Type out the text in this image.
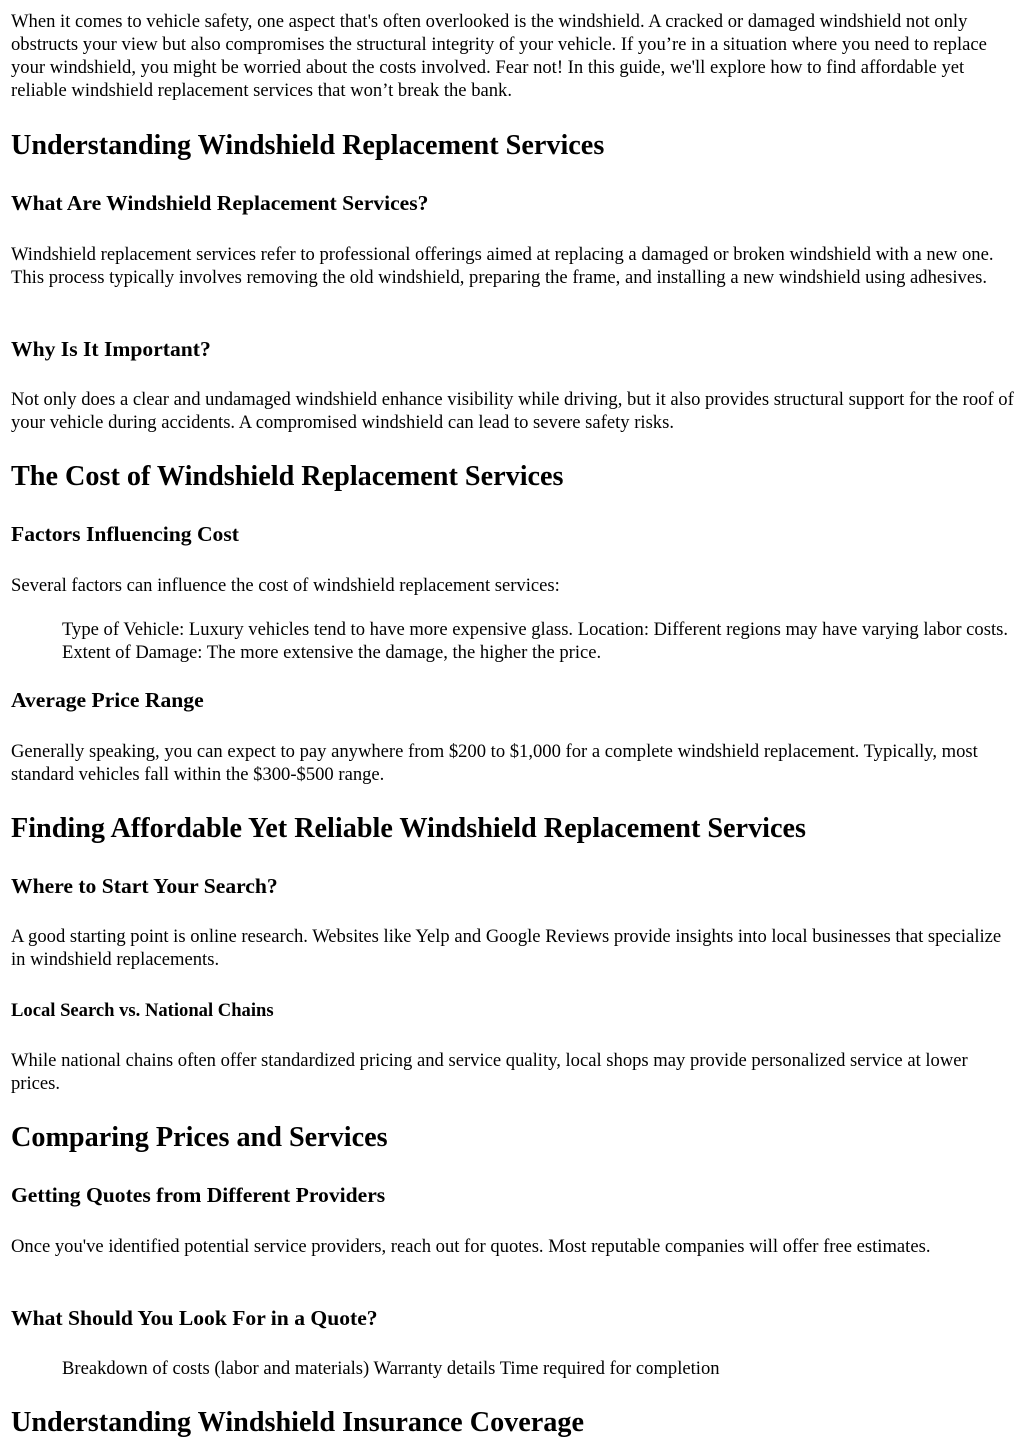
When it comes to vehicle safety, one aspect that's often overlooked is the windshield. A cracked or damaged windshield not only obstructs your view but also compromises the structural integrity of your vehicle. If you’re in a situation where you need to replace your windshield, you might be worried about the costs involved. Fear not! In this guide, we'll explore how to find affordable yet reliable windshield replacement services that won’t break the bank.

Understanding Windshield Replacement Services
What Are Windshield Replacement Services?

Windshield replacement services refer to professional offerings aimed at replacing a damaged or broken windshield with a new one. This process typically involves removing the old windshield, preparing the frame, and installing a new windshield using adhesives.

Why Is It Important?

Not only does a clear and undamaged windshield enhance visibility while driving, but it also provides structural support for the roof of your vehicle during accidents. A compromised windshield can lead to severe safety risks.

The Cost of Windshield Replacement Services
Factors Influencing Cost

Several factors can influence the cost of windshield replacement services:

Type of Vehicle: Luxury vehicles tend to have more expensive glass. Location: Different regions may have varying labor costs. Extent of Damage: The more extensive the damage, the higher the price.

Average Price Range

Generally speaking, you can expect to pay anywhere from $200 to $1,000 for a complete windshield replacement. Typically, most standard vehicles fall within the $300-$500 range.

Finding Affordable Yet Reliable Windshield Replacement Services
Where to Start Your Search?

A good starting point is online research. Websites like Yelp and Google Reviews provide insights into local businesses that specialize in windshield replacements.

Local Search vs. National Chains

While national chains often offer standardized pricing and service quality, local shops may provide personalized service at lower prices.

Comparing Prices and Services
Getting Quotes from Different Providers

Once you've identified potential service providers, reach out for quotes. Most reputable companies will offer free estimates.

What Should You Look For in a Quote?

Breakdown of costs (labor and materials) Warranty details Time required for completion

Understanding Windshield Insurance Coverage
